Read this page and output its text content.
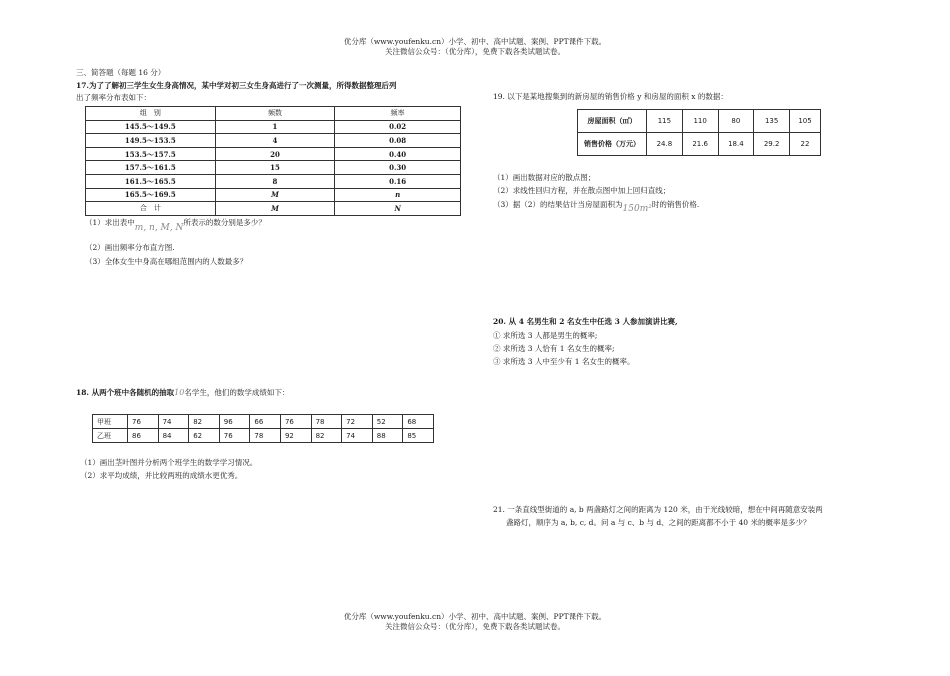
优分库（www.youfenku.cn）小学、初中、高中试题、案例、PPT课件下载。
关注微信公众号：（优分库），免费下载各类试题试卷。
三、简答题（每题 16 分）
17.为了了解初三学生女生身高情况，某中学对初三女生身高进行了一次测量，所得数据整理后列
出了频率分布表如下：
组　别	频数	频率
145.5～149.5	1	0.02
149.5～153.5	4	0.08
153.5～157.5	20	0.40
157.5～161.5	15	0.30
161.5～165.5	8	0.16
165.5～169.5	M	n
合　计	M	N
（1）求出表中m, n, M, N所表示的数分别是多少？
（2）画出频率分布直方图.
（3）全体女生中身高在哪组范围内的人数最多？
18. 从两个班中各随机的抽取10名学生，他们的数学成绩如下：
甲班	76	74	82	96	66	76	78	72	52	68
乙班	86	84	62	76	78	92	82	74	88	85
（1）画出茎叶图并分析两个班学生的数学学习情况。
（2）求平均成绩，并比较两班的成绩水更优秀。
19. 以下是某地搜集到的新房屋的销售价格 y 和房屋的面积 x 的数据：
房屋面积（㎡）	115	110	80	135	105
销售价格（万元）	24.8	21.6	18.4	29.2	22
（1）画出数据对应的散点图；
（2）求线性回归方程，并在散点图中加上回归直线；
（3）据（2）的结果估计当房屋面积为150m²时的销售价格.
20. 从 4 名男生和 2 名女生中任选 3 人参加演讲比赛,
① 求所选 3 人都是男生的概率;
② 求所选 3 人恰有 1 名女生的概率;
③ 求所选 3 人中至少有 1 名女生的概率。
21. 一条直线型街道的 a, b 两盏路灯之间的距离为 120 米，由于光线较暗，想在中间再随意安装两
盏路灯，顺序为 a, b, c, d。问 a 与 c、b 与 d、之间的距离都不小于 40 米的概率是多少？
优分库（www.youfenku.cn）小学、初中、高中试题、案例、PPT课件下载。
关注微信公众号：（优分库），免费下载各类试题试卷。
